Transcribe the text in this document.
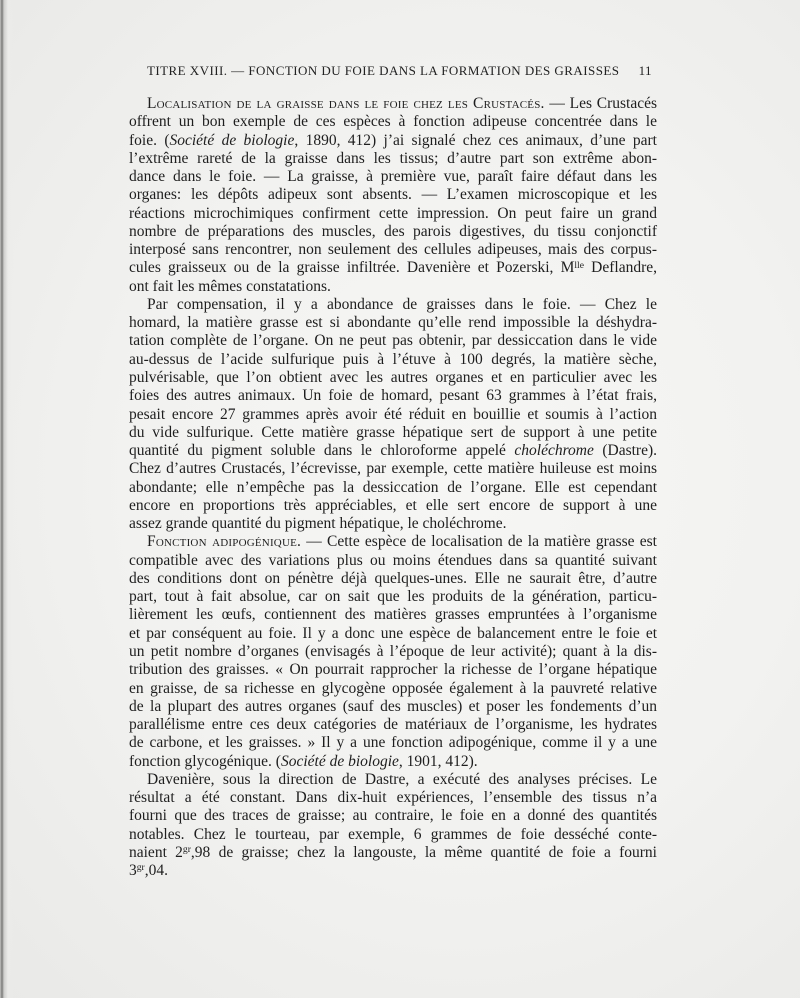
TITRE XVIII. — FONCTION DU FOIE DANS LA FORMATION DES GRAISSES 11
Localisation de la graisse dans le foie chez les Crustacés. — Les Crustacés
offrent un bon exemple de ces espèces à fonction adipeuse concentrée dans le
foie. (Société de biologie, 1890, 412) j’ai signalé chez ces animaux, d’une part
l’extrême rareté de la graisse dans les tissus; d’autre part son extrême abon-
dance dans le foie. — La graisse, à première vue, paraît faire défaut dans les
organes: les dépôts adipeux sont absents. — L’examen microscopique et les
réactions microchimiques confirment cette impression. On peut faire un grand
nombre de préparations des muscles, des parois digestives, du tissu conjonctif
interposé sans rencontrer, non seulement des cellules adipeuses, mais des corpus-
cules graisseux ou de la graisse infiltrée. Davenière et Pozerski, $M^{lle}$ Deflandre,
ont fait les mêmes constatations.
Par compensation, il y a abondance de graisses dans le foie. — Chez le
homard, la matière grasse est si abondante qu’elle rend impossible la déshydra-
tation complète de l’organe. On ne peut pas obtenir, par dessiccation dans le vide
au-dessus de l’acide sulfurique puis à l’étuve à 100 degrés, la matière sèche,
pulvérisable, que l’on obtient avec les autres organes et en particulier avec les
foies des autres animaux. Un foie de homard, pesant 63 grammes à l’état frais,
pesait encore 27 grammes après avoir été réduit en bouillie et soumis à l’action
du vide sulfurique. Cette matière grasse hépatique sert de support à une petite
quantité du pigment soluble dans le chloroforme appelé choléchrome (Dastre).
Chez d’autres Crustacés, l’écrevisse, par exemple, cette matière huileuse est moins
abondante; elle n’empêche pas la dessiccation de l’organe. Elle est cependant
encore en proportions très appréciables, et elle sert encore de support à une
assez grande quantité du pigment hépatique, le choléchrome.
Fonction adipogénique. — Cette espèce de localisation de la matière grasse est
compatible avec des variations plus ou moins étendues dans sa quantité suivant
des conditions dont on pénètre déjà quelques-unes. Elle ne saurait être, d’autre
part, tout à fait absolue, car on sait que les produits de la génération, particu-
lièrement les œufs, contiennent des matières grasses empruntées à l’organisme
et par conséquent au foie. Il y a donc une espèce de balancement entre le foie et
un petit nombre d’organes (envisagés à l’époque de leur activité); quant à la dis-
tribution des graisses. « On pourrait rapprocher la richesse de l’organe hépatique
en graisse, de sa richesse en glycogène opposée également à la pauvreté relative
de la plupart des autres organes (sauf des muscles) et poser les fondements d’un
parallélisme entre ces deux catégories de matériaux de l’organisme, les hydrates
de carbone, et les graisses. » Il y a une fonction adipogénique, comme il y a une
fonction glycogénique. (Société de biologie, 1901, 412).
Davenière, sous la direction de Dastre, a exécuté des analyses précises. Le
résultat a été constant. Dans dix-huit expériences, l’ensemble des tissus n’a
fourni que des traces de graisse; au contraire, le foie en a donné des quantités
notables. Chez le tourteau, par exemple, 6 grammes de foie desséché conte-
naient $2^{gr},98$ de graisse; chez la langouste, la même quantité de foie a fourni
$3^{gr},04$.
